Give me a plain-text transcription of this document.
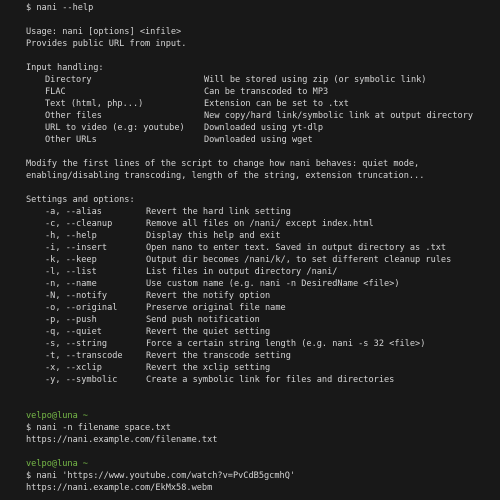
$ nani --help
Usage: nani [options] <infile>
Provides public URL from input.
Input handling:
Directory	Will be stored using zip (or symbolic link)
FLAC	Can be transcoded to MP3
Text (html, php...)	Extension can be set to .txt
Other files	New copy/hard link/symbolic link at output directory
URL to video (e.g: youtube)	Downloaded using yt-dlp
Other URLs	Downloaded using wget
Modify the first lines of the script to change how nani behaves: quiet mode,
enabling/disabling transcoding, length of the string, extension truncation...
Settings and options:
-a, --alias	Revert the hard link setting
-c, --cleanup	Remove all files on /nani/ except index.html
-h, --help	Display this help and exit
-i, --insert	Open nano to enter text. Saved in output directory as .txt
-k, --keep	Output dir becomes /nani/k/, to set different cleanup rules
-l, --list	List files in output directory /nani/
-n, --name	Use custom name (e.g. nani -n DesiredName <file>)
-N, --notify	Revert the notify option
-o, --original	Preserve original file name
-p, --push	Send push notification
-q, --quiet	Revert the quiet setting
-s, --string	Force a certain string length (e.g. nani -s 32 <file>)
-t, --transcode	Revert the transcode setting
-x, --xclip	Revert the xclip setting
-y, --symbolic	Create a symbolic link for files and directories
velpo@luna ~
$ nani -n filename space.txt
https://nani.example.com/filename.txt
velpo@luna ~
$ nani 'https://www.youtube.com/watch?v=PvCdB5gcmhQ'
https://nani.example.com/EkMx58.webm
